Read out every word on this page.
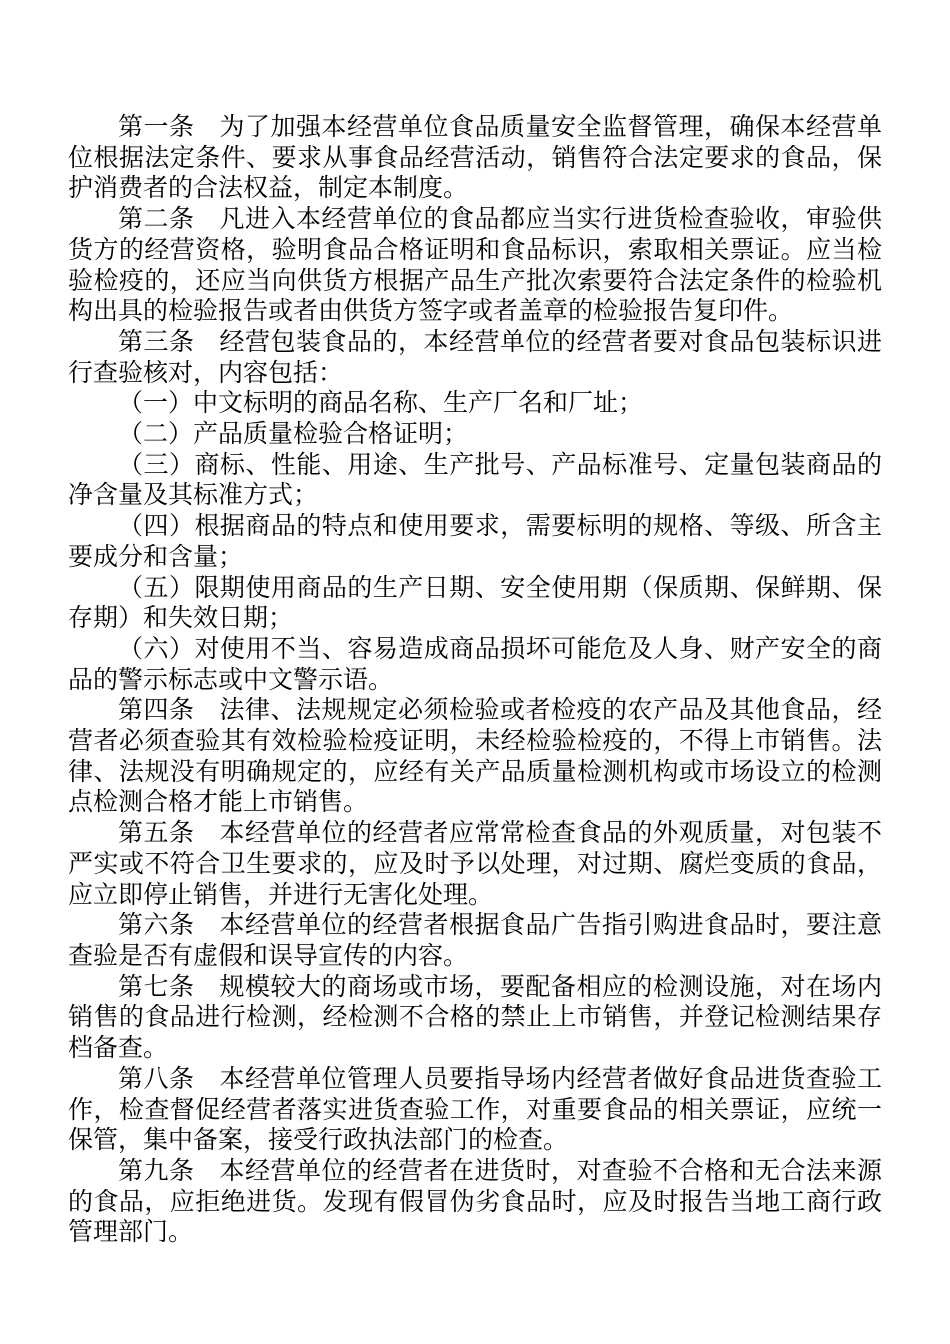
第一条 为了加强本经营单位食品质量安全监督管理，确保本经营单位根据法定条件、要求从事食品经营活动，销售符合法定要求的食品，保护消费者的合法权益，制定本制度。

第二条 凡进入本经营单位的食品都应当实行进货检查验收，审验供货方的经营资格，验明食品合格证明和食品标识，索取相关票证。应当检验检疫的，还应当向供货方根据产品生产批次索要符合法定条件的检验机构出具的检验报告或者由供货方签字或者盖章的检验报告复印件。

第三条 经营包装食品的，本经营单位的经营者要对食品包装标识进行查验核对，内容包括：

（一）中文标明的商品名称、生产厂名和厂址；

（二）产品质量检验合格证明；

（三）商标、性能、用途、生产批号、产品标准号、定量包装商品的净含量及其标准方式；

（四）根据商品的特点和使用要求，需要标明的规格、等级、所含主要成分和含量；

（五）限期使用商品的生产日期、安全使用期（保质期、保鲜期、保存期）和失效日期；

（六）对使用不当、容易造成商品损坏可能危及人身、财产安全的商品的警示标志或中文警示语。

第四条 法律、法规规定必须检验或者检疫的农产品及其他食品，经营者必须查验其有效检验检疫证明，未经检验检疫的，不得上市销售。法律、法规没有明确规定的，应经有关产品质量检测机构或市场设立的检测点检测合格才能上市销售。

第五条 本经营单位的经营者应常常检查食品的外观质量，对包装不严实或不符合卫生要求的，应及时予以处理，对过期、腐烂变质的食品，应立即停止销售，并进行无害化处理。

第六条 本经营单位的经营者根据食品广告指引购进食品时，要注意查验是否有虚假和误导宣传的内容。

第七条 规模较大的商场或市场，要配备相应的检测设施，对在场内销售的食品进行检测，经检测不合格的禁止上市销售，并登记检测结果存档备查。

第八条 本经营单位管理人员要指导场内经营者做好食品进货查验工作，检查督促经营者落实进货查验工作，对重要食品的相关票证，应统一保管，集中备案，接受行政执法部门的检查。

第九条 本经营单位的经营者在进货时，对查验不合格和无合法来源的食品，应拒绝进货。发现有假冒伪劣食品时，应及时报告当地工商行政管理部门。
